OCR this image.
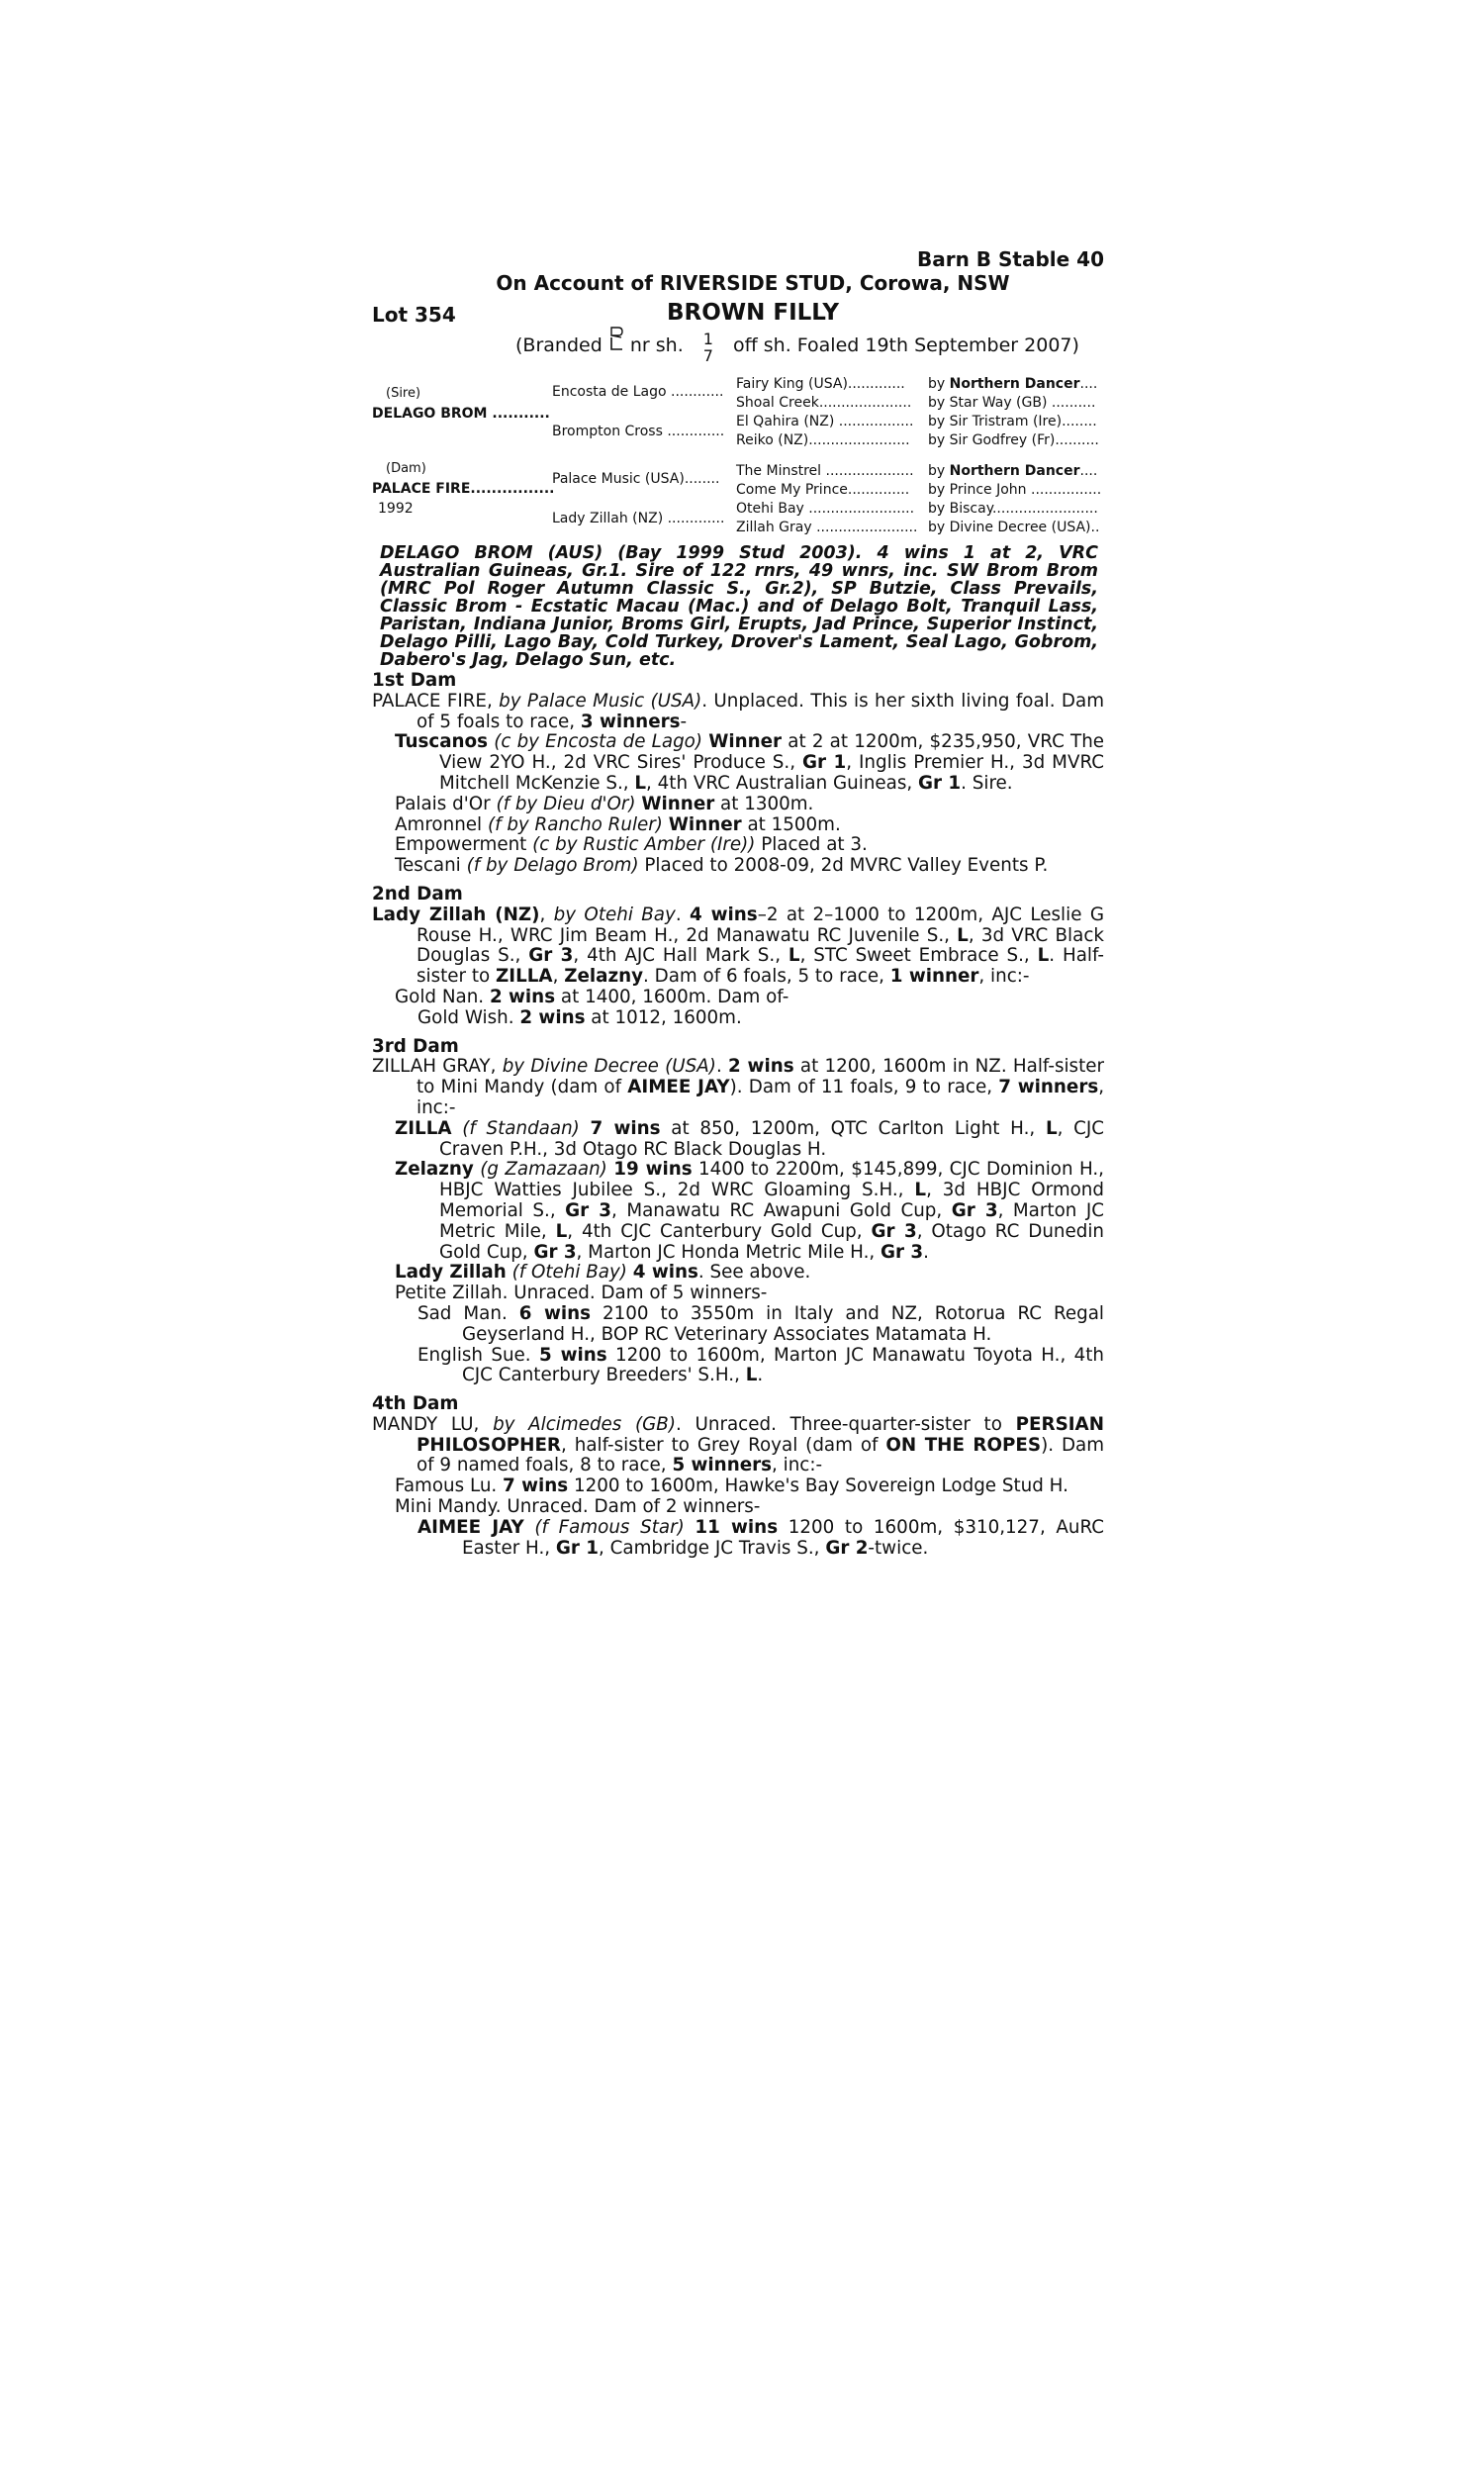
Barn B Stable 40
On Account of RIVERSIDE STUD, Corowa, NSW
Lot 354	BROWN FILLY
(Branded nr sh. 1
7 off sh. Foaled 19th September 2007)
(Sire)
DELAGO BROM ...........
(Dam)
PALACE FIRE................
1992
Encosta de Lago ............
Brompton Cross .............
Palace Music (USA)........
Lady Zillah (NZ) .............
Fairy King (USA).............
Shoal Creek.....................
El Qahira (NZ) .................
Reiko (NZ).......................
The Minstrel ....................
Come My Prince..............
Otehi Bay ........................
Zillah Gray .......................
by Northern Dancer....
by Star Way (GB) ..........
by Sir Tristram (Ire)........
by Sir Godfrey (Fr)..........
by Northern Dancer....
by Prince John ................
by Biscay........................
by Divine Decree (USA)..
DELAGO BROM (AUS) (Bay 1999 Stud 2003). 4 wins 1 at 2, VRC Australian Guineas, Gr.1. Sire of 122 rnrs, 49 wnrs, inc. SW Brom Brom (MRC Pol Roger Autumn Classic S., Gr.2), SP Butzie, Class Prevails, Classic Brom - Ecstatic Macau (Mac.) and of Delago Bolt, Tranquil Lass, Paristan, Indiana Junior, Broms Girl, Erupts, Jad Prince, Superior Instinct, Delago Pilli, Lago Bay, Cold Turkey, Drover's Lament, Seal Lago, Gobrom, Dabero's Jag, Delago Sun, etc.
1st Dam
PALACE FIRE, by Palace Music (USA). Unplaced. This is her sixth living foal. Dam of 5 foals to race, 3 winners-
Tuscanos (c by Encosta de Lago) Winner at 2 at 1200m, $235,950, VRC The View 2YO H., 2d VRC Sires' Produce S., Gr 1, Inglis Premier H., 3d MVRC Mitchell McKenzie S., L, 4th VRC Australian Guineas, Gr 1. Sire.
Palais d'Or (f by Dieu d'Or) Winner at 1300m.
Amronnel (f by Rancho Ruler) Winner at 1500m.
Empowerment (c by Rustic Amber (Ire)) Placed at 3.
Tescani (f by Delago Brom) Placed to 2008-09, 2d MVRC Valley Events P.
2nd Dam
Lady Zillah (NZ), by Otehi Bay. 4 wins–2 at 2–1000 to 1200m, AJC Leslie G Rouse H., WRC Jim Beam H., 2d Manawatu RC Juvenile S., L, 3d VRC Black Douglas S., Gr 3, 4th AJC Hall Mark S., L, STC Sweet Embrace S., L. Half-sister to ZILLA, Zelazny. Dam of 6 foals, 5 to race, 1 winner, inc:-
Gold Nan. 2 wins at 1400, 1600m. Dam of-
Gold Wish. 2 wins at 1012, 1600m.
3rd Dam
ZILLAH GRAY, by Divine Decree (USA). 2 wins at 1200, 1600m in NZ. Half-sister to Mini Mandy (dam of AIMEE JAY). Dam of 11 foals, 9 to race, 7 winners, inc:-
ZILLA (f Standaan) 7 wins at 850, 1200m, QTC Carlton Light H., L, CJC Craven P.H., 3d Otago RC Black Douglas H.
Zelazny (g Zamazaan) 19 wins 1400 to 2200m, $145,899, CJC Dominion H., HBJC Watties Jubilee S., 2d WRC Gloaming S.H., L, 3d HBJC Ormond Memorial S., Gr 3, Manawatu RC Awapuni Gold Cup, Gr 3, Marton JC Metric Mile, L, 4th CJC Canterbury Gold Cup, Gr 3, Otago RC Dunedin Gold Cup, Gr 3, Marton JC Honda Metric Mile H., Gr 3.
Lady Zillah (f Otehi Bay) 4 wins. See above.
Petite Zillah. Unraced. Dam of 5 winners-
Sad Man. 6 wins 2100 to 3550m in Italy and NZ, Rotorua RC Regal Geyserland H., BOP RC Veterinary Associates Matamata H.
English Sue. 5 wins 1200 to 1600m, Marton JC Manawatu Toyota H., 4th CJC Canterbury Breeders' S.H., L.
4th Dam
MANDY LU, by Alcimedes (GB). Unraced. Three-quarter-sister to PERSIAN PHILOSOPHER, half-sister to Grey Royal (dam of ON THE ROPES). Dam of 9 named foals, 8 to race, 5 winners, inc:-
Famous Lu. 7 wins 1200 to 1600m, Hawke's Bay Sovereign Lodge Stud H.
Mini Mandy. Unraced. Dam of 2 winners-
AIMEE JAY (f Famous Star) 11 wins 1200 to 1600m, $310,127, AuRC Easter H., Gr 1, Cambridge JC Travis S., Gr 2-twice.
